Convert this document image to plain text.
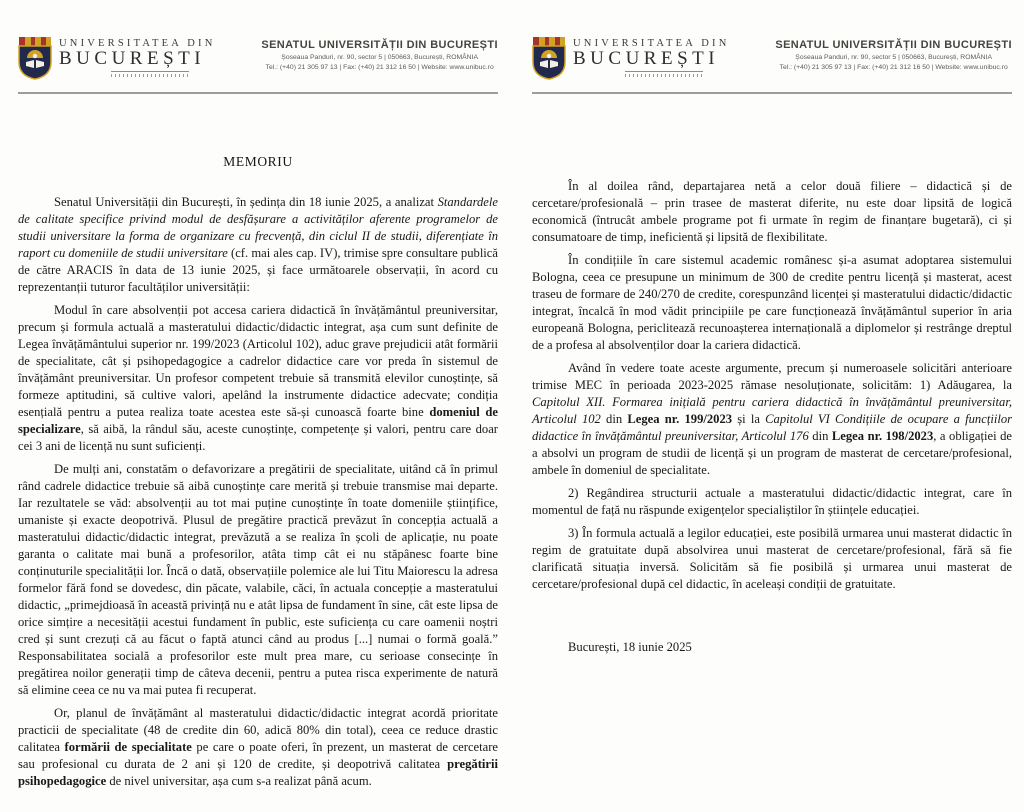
UNIVERSITATEA DIN
BUCUREȘTI
SENATUL UNIVERSITĂȚII DIN BUCUREȘTI
Șoseaua Panduri, nr. 90, sector 5 | 050663, București, ROMÂNIA
Tel.: (+40) 21 305 97 13 | Fax: (+40) 21 312 16 50 | Website: www.unibuc.ro
MEMORIU

Senatul Universității din București, în ședința din 18 iunie 2025, a analizat Standardele de calitate specifice privind modul de desfășurare a activităților aferente programelor de studii universitare la forma de organizare cu frecvență, din ciclul II de studii, diferențiate în raport cu domeniile de studii universitare (cf. mai ales cap. IV), trimise spre consultare publică de către ARACIS în data de 13 iunie 2025, și face următoarele observații, în acord cu reprezentanții tuturor facultăților universității:

Modul în care absolvenții pot accesa cariera didactică în învățământul preuniversitar, precum și formula actuală a masteratului didactic/didactic integrat, așa cum sunt definite de Legea învățământului superior nr. 199/2023 (Articolul 102), aduc grave prejudicii atât formării de specialitate, cât și psihopedagogice a cadrelor didactice care vor preda în sistemul de învățământ preuniversitar. Un profesor competent trebuie să transmită elevilor cunoștințe, să formeze aptitudini, să cultive valori, apelând la instrumente didactice adecvate; condiția esențială pentru a putea realiza toate acestea este să-și cunoască foarte bine domeniul de specializare, să aibă, la rândul său, aceste cunoștințe, competențe și valori, pentru care doar cei 3 ani de licență nu sunt suficienți.

De mulți ani, constatăm o defavorizare a pregătirii de specialitate, uitând că în primul rând cadrele didactice trebuie să aibă cunoștințe care merită și trebuie transmise mai departe. Iar rezultatele se văd: absolvenții au tot mai puține cunoștințe în toate domeniile științifice, umaniste și exacte deopotrivă. Plusul de pregătire practică prevăzut în concepția actuală a masteratului didactic/didactic integrat, prevăzută a se realiza în școli de aplicație, nu poate garanta o calitate mai bună a profesorilor, atâta timp cât ei nu stăpânesc foarte bine conținuturile specialității lor. Încă o dată, observațiile polemice ale lui Titu Maiorescu la adresa formelor fără fond se dovedesc, din păcate, valabile, căci, în actuala concepție a masteratului didactic, „primejdioasă în această privință nu e atât lipsa de fundament în sine, cât este lipsa de orice simțire a necesității acestui fundament în public, este suficiența cu care oamenii noștri cred și sunt crezuți că au făcut o faptă atunci când au produs [...] numai o formă goală.” Responsabilitatea socială a profesorilor este mult prea mare, cu serioase consecințe în pregătirea noilor generații timp de câteva decenii, pentru a putea risca experimente de natură să elimine ceea ce nu va mai putea fi recuperat.

Or, planul de învățământ al masteratului didactic/didactic integrat acordă prioritate practicii de specialitate (48 de credite din 60, adică 80% din total), ceea ce reduce drastic calitatea formării de specialitate pe care o poate oferi, în prezent, un masterat de cercetare sau profesional cu durata de 2 ani și 120 de credite, și deopotrivă calitatea pregătirii psihopedagogice de nivel universitar, așa cum s-a realizat până acum.

UNIVERSITATEA DIN
BUCUREȘTI
SENATUL UNIVERSITĂȚII DIN BUCUREȘTI
Șoseaua Panduri, nr. 90, sector 5 | 050663, București, ROMÂNIA
Tel.: (+40) 21 305 97 13 | Fax: (+40) 21 312 16 50 | Website: www.unibuc.ro

În al doilea rând, departajarea netă a celor două filiere – didactică și de cercetare/profesională – prin trasee de masterat diferite, nu este doar lipsită de logică economică (întrucât ambele programe pot fi urmate în regim de finanțare bugetară), ci și consumatoare de timp, ineficientă și lipsită de flexibilitate.

În condițiile în care sistemul academic românesc și-a asumat adoptarea sistemului Bologna, ceea ce presupune un minimum de 300 de credite pentru licență și masterat, acest traseu de formare de 240/270 de credite, corespunzând licenței și masteratului didactic/didactic integrat, încalcă în mod vădit principiile pe care funcționează învățământul superior în aria europeană Bologna, periclitează recunoașterea internațională a diplomelor și restrânge dreptul de a profesa al absolvenților doar la cariera didactică.

Având în vedere toate aceste argumente, precum și numeroasele solicitări anterioare trimise MEC în perioada 2023-2025 rămase nesoluționate, solicităm: 1) Adăugarea, la Capitolul XII. Formarea inițială pentru cariera didactică în învățământul preuniversitar, Articolul 102 din Legea nr. 199/2023 și la Capitolul VI Condițiile de ocupare a funcțiilor didactice în învățământul preuniversitar, Articolul 176 din Legea nr. 198/2023, a obligației de a absolvi un program de studii de licență și un program de masterat de cercetare/profesional, ambele în domeniul de specialitate.

2) Regândirea structurii actuale a masteratului didactic/didactic integrat, care în momentul de față nu răspunde exigențelor specialiștilor în științele educației.

3) În formula actuală a legilor educației, este posibilă urmarea unui masterat didactic în regim de gratuitate după absolvirea unui masterat de cercetare/profesional, fără să fie clarificată situația inversă. Solicităm să fie posibilă și urmarea unui masterat de cercetare/profesional după cel didactic, în aceleași condiții de gratuitate.

București, 18 iunie 2025
